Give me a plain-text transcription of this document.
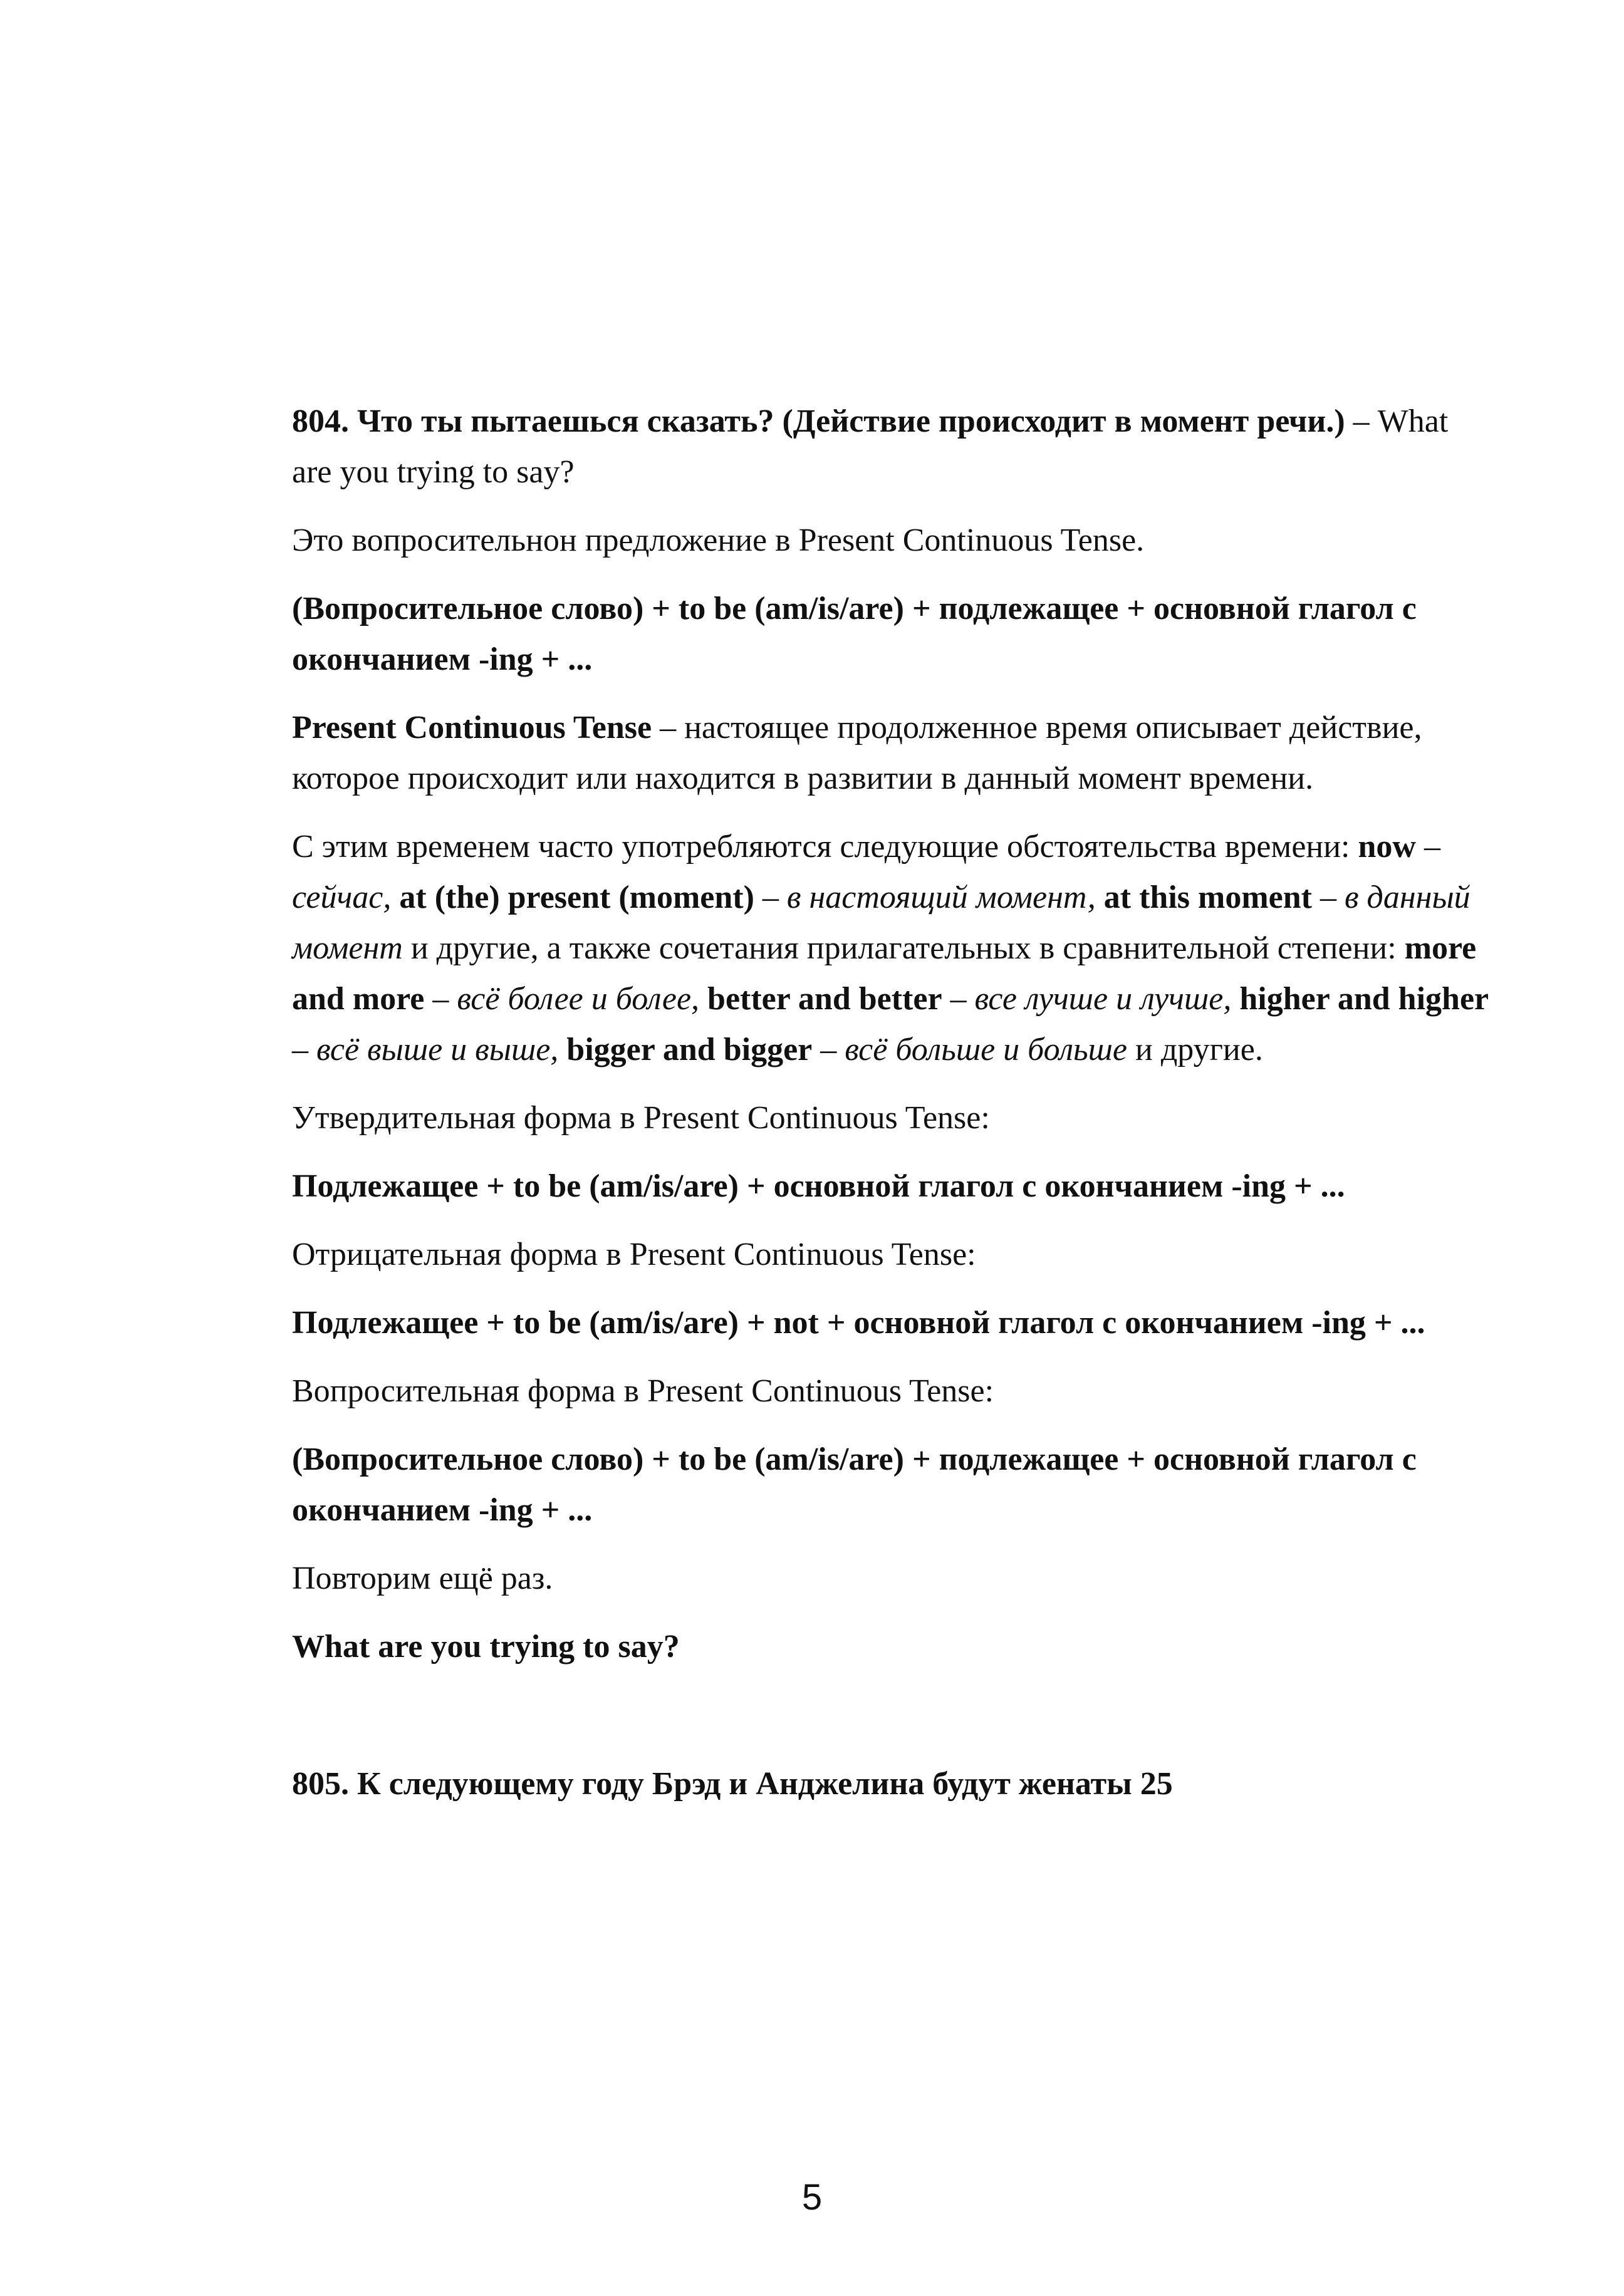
804. Что ты пытаешься сказать? (Действие происходит в момент речи.) – What are you trying to say?

Это вопросительнон предложение в Present Continuous Tense.

(Вопросительное слово) + to be (am/is/are) + подлежащее + основной глагол с окончанием -ing + ...

Present Continuous Tense – настоящее продолженное время описывает действие, которое происходит или находится в развитии в данный момент времени.

С этим временем часто употребляются следующие обстоятельства времени: now – сейчас, at (the) present (moment) – в настоящий момент, at this moment – в данный момент и другие, а также сочетания прилагательных в сравнительной степени: more and more – всё более и более, better and better – все лучше и лучше, higher and higher – всё выше и выше, bigger and bigger – всё больше и больше и другие.

Утвердительная форма в Present Continuous Tense:

Подлежащее + to be (am/is/are) + основной глагол с окончанием -ing + ...

Отрицательная форма в Present Continuous Tense:

Подлежащее + to be (am/is/are) + not + основной глагол с окончанием -ing + ...

Вопросительная форма в Present Continuous Tense:

(Вопросительное слово) + to be (am/is/are) + подлежащее + основной глагол с окончанием -ing + ...

Повторим ещё раз.

What are you trying to say?

805. К следующему году Брэд и Анджелина будут женаты 25

5
